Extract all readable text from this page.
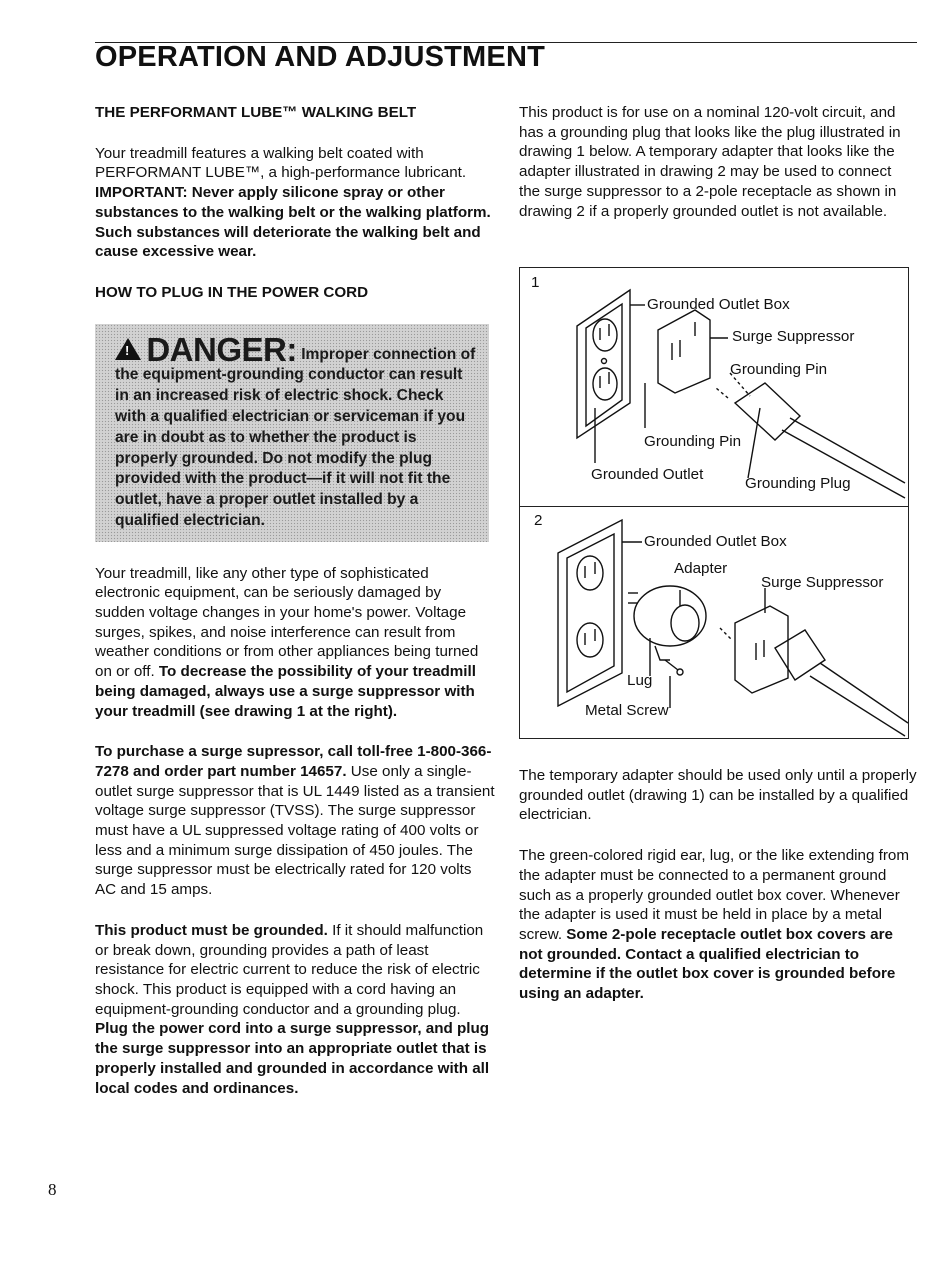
OPERATION AND ADJUSTMENT
THE PERFORMANT LUBE™ WALKING BELT

Your treadmill features a walking belt coated with PERFORMANT LUBE™, a high-performance lubricant. IMPORTANT: Never apply silicone spray or other substances to the walking belt or the walking platform. Such substances will deteriorate the walking belt and cause excessive wear.

HOW TO PLUG IN THE POWER CORD
! DANGER: Improper connection of the equipment-grounding conductor can result in an increased risk of electric shock. Check with a qualified electrician or serviceman if you are in doubt as to whether the product is properly grounded. Do not modify the plug provided with the product—if it will not fit the outlet, have a proper outlet installed by a qualified electrician.

Your treadmill, like any other type of sophisticated electronic equipment, can be seriously damaged by sudden voltage changes in your home's power. Voltage surges, spikes, and noise interference can result from weather conditions or from other appliances being turned on or off. To decrease the possibility of your treadmill being damaged, always use a surge suppressor with your treadmill (see drawing 1 at the right).

To purchase a surge supressor, call toll-free 1-800-366-7278 and order part number 14657. Use only a single-outlet surge suppressor that is UL 1449 listed as a transient voltage surge suppressor (TVSS). The surge suppressor must have a UL suppressed voltage rating of 400 volts or less and a minimum surge dissipation of 450 joules. The surge suppressor must be electrically rated for 120 volts AC and 15 amps.

This product must be grounded. If it should malfunction or break down, grounding provides a path of least resistance for electric current to reduce the risk of electric shock. This product is equipped with a cord having an equipment-grounding conductor and a grounding plug. Plug the power cord into a surge suppressor, and plug the surge suppressor into an appropriate outlet that is properly installed and grounded in accordance with all local codes and ordinances.

This product is for use on a nominal 120-volt circuit, and has a grounding plug that looks like the plug illustrated in drawing 1 below. A temporary adapter that looks like the adapter illustrated in drawing 2 may be used to connect the surge suppressor to a 2-pole receptacle as shown in drawing 2 if a properly grounded outlet is not available.

1
Grounded Outlet Box
Surge Suppressor
Grounding Pin
Grounding Pin
Grounded Outlet
Grounding Plug
2
Grounded Outlet Box
Adapter
Surge Suppressor
Lug
Metal Screw

The temporary adapter should be used only until a properly grounded outlet (drawing 1) can be installed by a qualified electrician.

The green-colored rigid ear, lug, or the like extending from the adapter must be connected to a permanent ground such as a properly grounded outlet box cover. Whenever the adapter is used it must be held in place by a metal screw. Some 2-pole receptacle outlet box covers are not grounded. Contact a qualified electrician to determine if the outlet box cover is grounded before using an adapter.

8
